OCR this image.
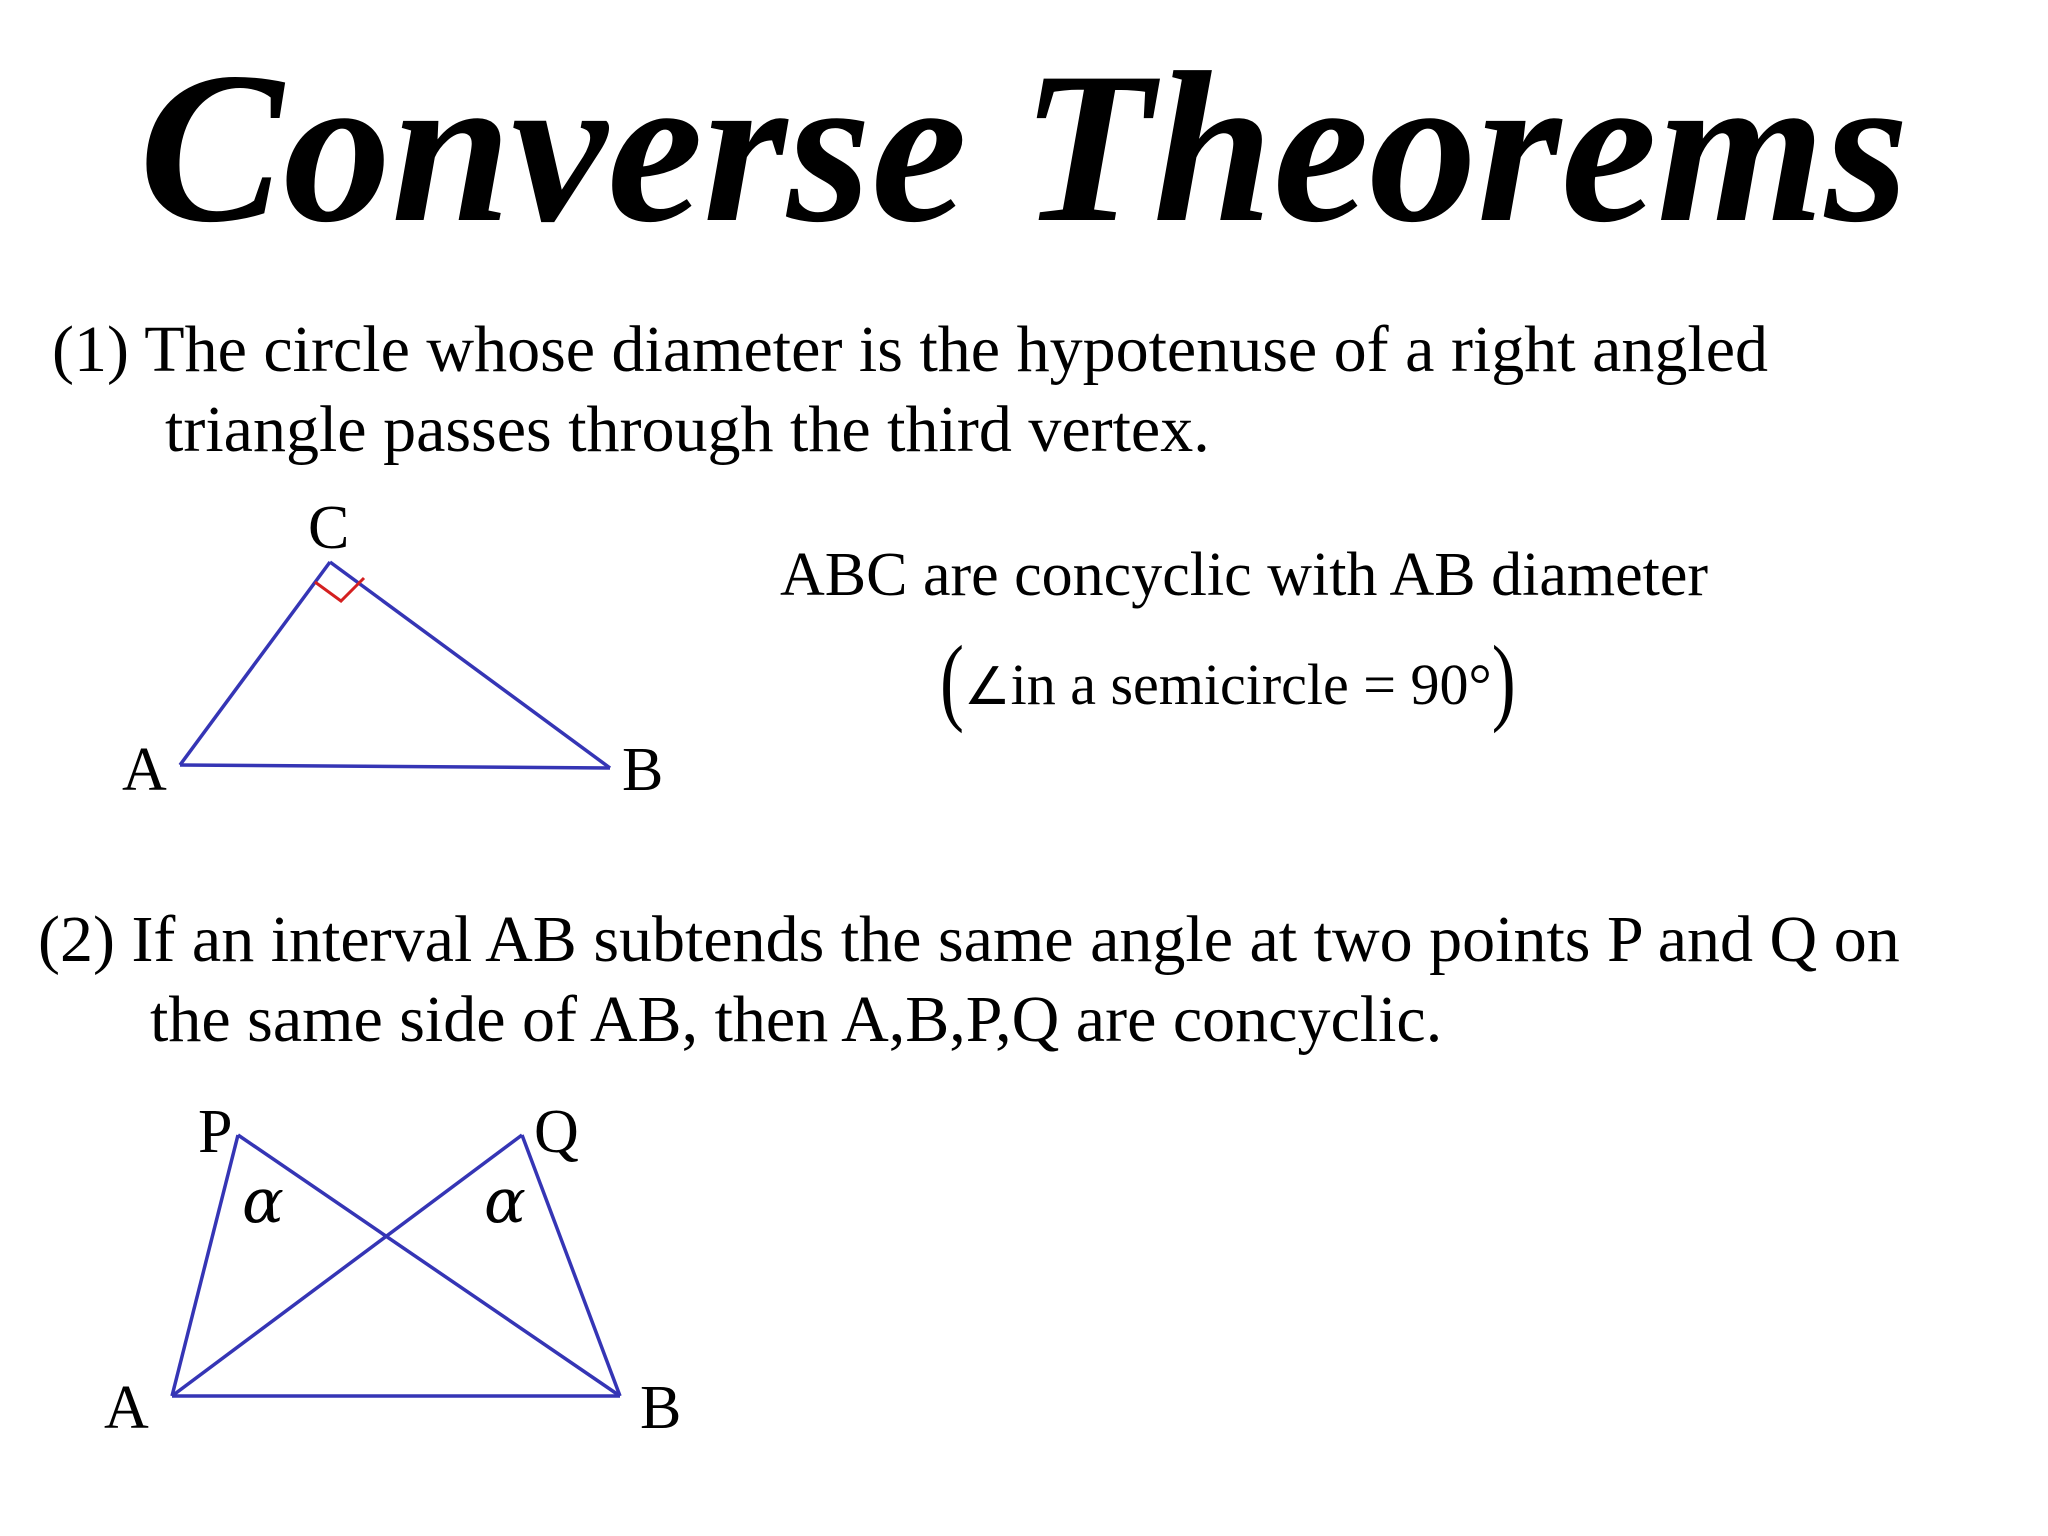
Converse Theorems
(1) The circle whose diameter is the hypotenuse of a right angled
triangle passes through the third vertex.
ABC are concyclic with AB diameter
(∠in a semicircle = 90°)
(2) If an interval AB subtends the same angle at two points P and Q on
the same side of AB, then A,B,P,Q are concyclic.
C
A	B
P	Q
A	B
α	α
